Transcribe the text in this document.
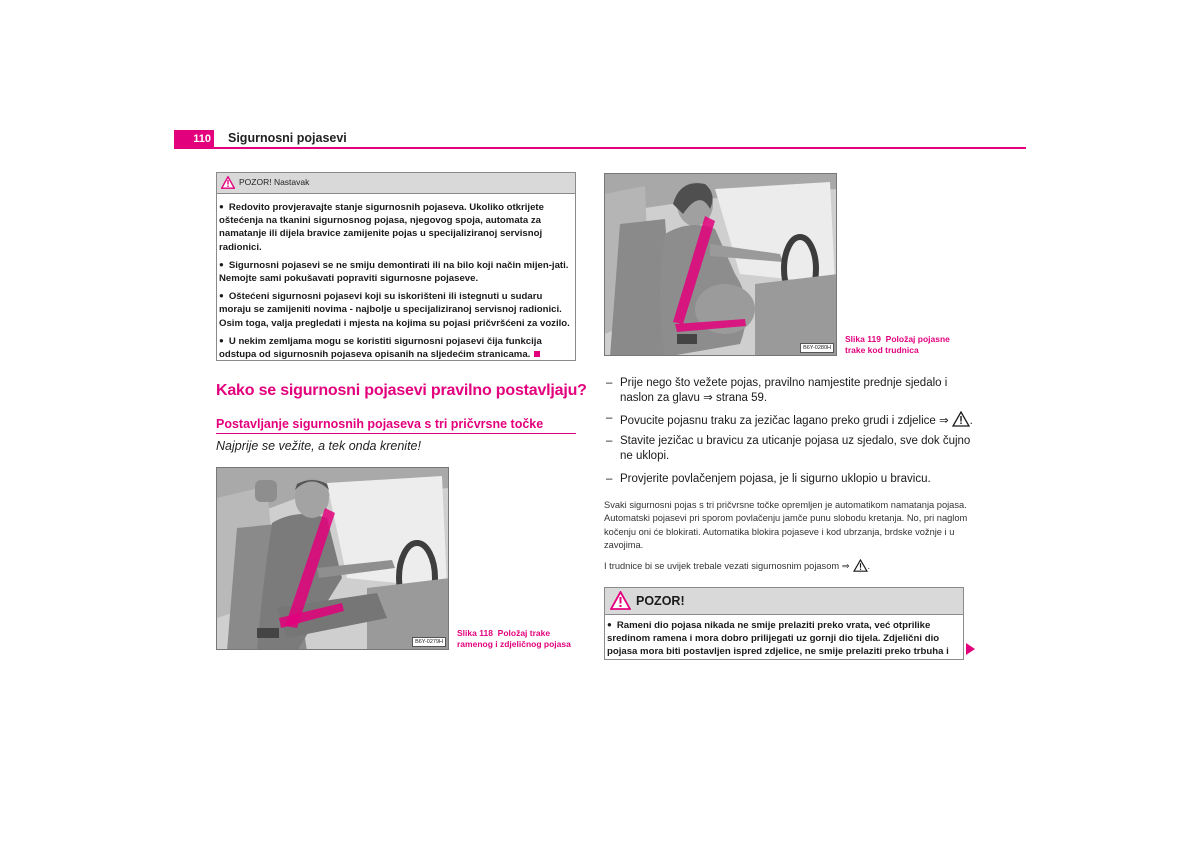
110 Sigurnosni pojasevi
POZOR! Nastavak

● Redovito provjeravajte stanje sigurnosnih pojaseva. Ukoliko otkrijete oštećenja na tkanini sigurnosnog pojasa, njegovog spoja, automata za namatanje ili dijela bravice zamijenite pojas u specijaliziranoj servisnoj radionici.

● Sigurnosni pojasevi se ne smiju demontirati ili na bilo koji način mijen-jati. Nemojte sami pokušavati popraviti sigurnosne pojaseve.

● Oštećeni sigurnosni pojasevi koji su iskorišteni ili istegnuti u sudaru moraju se zamijeniti novima - najbolje u specijaliziranoj servisnoj radionici. Osim toga, valja pregledati i mjesta na kojima su pojasi pričvršćeni za vozilo.

● U nekim zemljama mogu se koristiti sigurnosni pojasevi čija funkcija odstupa od sigurnosnih pojaseva opisanih na sljedećim stranicama.

Kako se sigurnosni pojasevi pravilno postavljaju?
Postavljanje sigurnosnih pojaseva s tri pričvrsne točke
Najprije se vežite, a tek onda krenite!
B6Y-0279H
Slika 118 Položaj trake
ramenog i zdjeličnog pojasa
B6Y-0280H
Slika 119 Položaj pojasne
trake kod trudnica
– Prije nego što vežete pojas, pravilno namjestite prednje sjedalo i naslon za glavu ⇒ strana 59.
– Povucite pojasnu traku za jezičac lagano preko grudi i zdjelice ⇒ .
– Stavite jezičac u bravicu za uticanje pojasa uz sjedalo, sve dok čujno ne uklopi.
– Provjerite povlačenjem pojasa, je li sigurno uklopio u bravicu.
Svaki sigurnosni pojas s tri pričvrsne točke opremljen je automatikom namatanja pojasa. Automatski pojasevi pri sporom povlačenju jamče punu slobodu kretanja. No, pri naglom kočenju oni će blokirati. Automatika blokira pojaseve i kod ubrzanja, brdske vožnje i u zavojima.
I trudnice bi se uvijek trebale vezati sigurnosnim pojasom ⇒ .
POZOR!

● Rameni dio pojasa nikada ne smije prelaziti preko vrata, već otprilike sredinom ramena i mora dobro prilijegati uz gornji dio tijela. Zdjelični dio pojasa mora biti postavljen ispred zdjelice, ne smije prelaziti preko trbuha i
